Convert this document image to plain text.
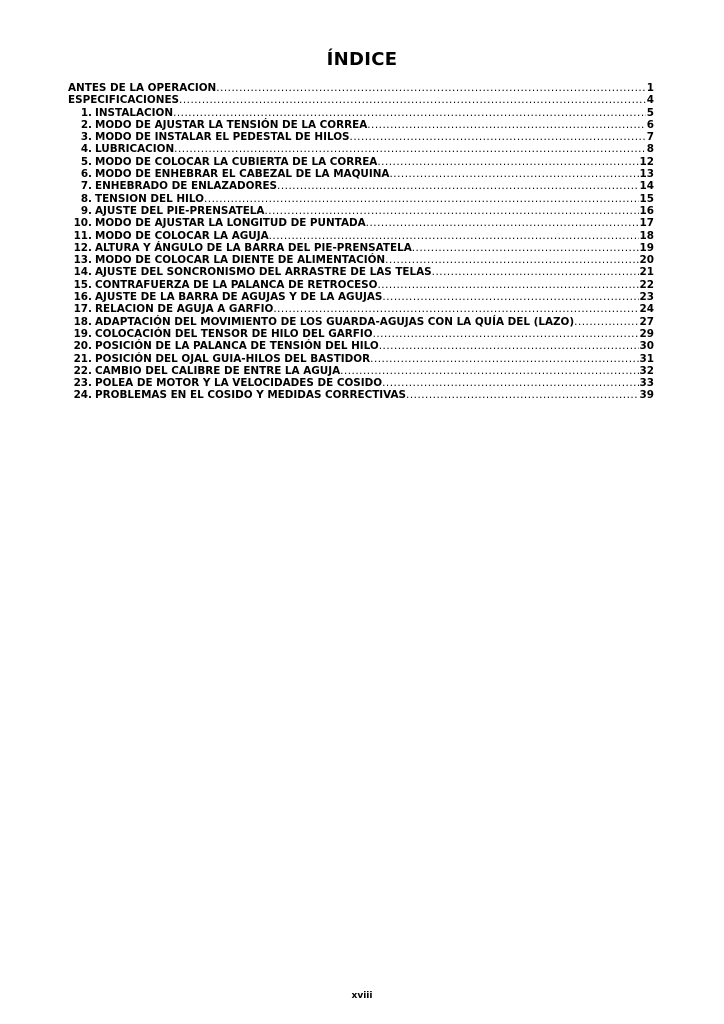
ÍNDICE
ANTES DE LA OPERACION .....	1
ESPECIFICACIONES .....	4
1. INSTALACION .....	5
2. MODO DE AJUSTAR LA TENSIÓN DE LA CORREA .....	6
3. MODO DE INSTALAR EL PEDESTAL DE HILOS .....	7
4. LUBRICACION .....	8
5. MODO DE COLOCAR LA CUBIERTA DE LA CORREA .....	12
6. MODO DE ENHEBRAR EL CABEZAL DE LA MAQUINA .....	13
7. ENHEBRADO DE ENLAZADORES .....	14
8. TENSION DEL HILO .....	15
9. AJUSTE DEL PIE-PRENSATELA .....	16
10. MODO DE AJUSTAR LA LONGITUD DE PUNTADA .....	17
11. MODO DE COLOCAR LA AGUJA .....	18
12. ALTURA Y ÁNGULO DE LA BARRA DEL PIE-PRENSATELA .....	19
13. MODO DE COLOCAR LA DIENTE DE ALIMENTACIÓN .....	20
14. AJUSTE DEL SONCRONISMO DEL ARRASTRE DE LAS TELAS .....	21
15. CONTRAFUERZA DE LA PALANCA DE RETROCESO .....	22
16. AJUSTE DE LA BARRA DE AGUJAS Y DE LA AGUJAS .....	23
17. RELACION DE AGUJA A GARFIO .....	24
18. ADAPTACIÓN DEL MOVIMIENTO DE LOS GUARDA-AGUJAS CON LA QUÍA DEL (LAZO) .....	27
19. COLOCACIÓN DEL TENSOR DE HILO DEL GARFIO .....	29
20. POSICIÓN DE LA PALANCA DE TENSIÓN DEL HILO .....	30
21. POSICIÓN DEL OJAL GUIA-HILOS DEL BASTIDOR .....	31
22. CAMBIO DEL CALIBRE DE ENTRE LA AGUJA .....	32
23. POLEA DE MOTOR Y LA VELOCIDADES DE COSIDO .....	33
24. PROBLEMAS EN EL COSIDO Y MEDIDAS CORRECTIVAS .....	39
xviii
